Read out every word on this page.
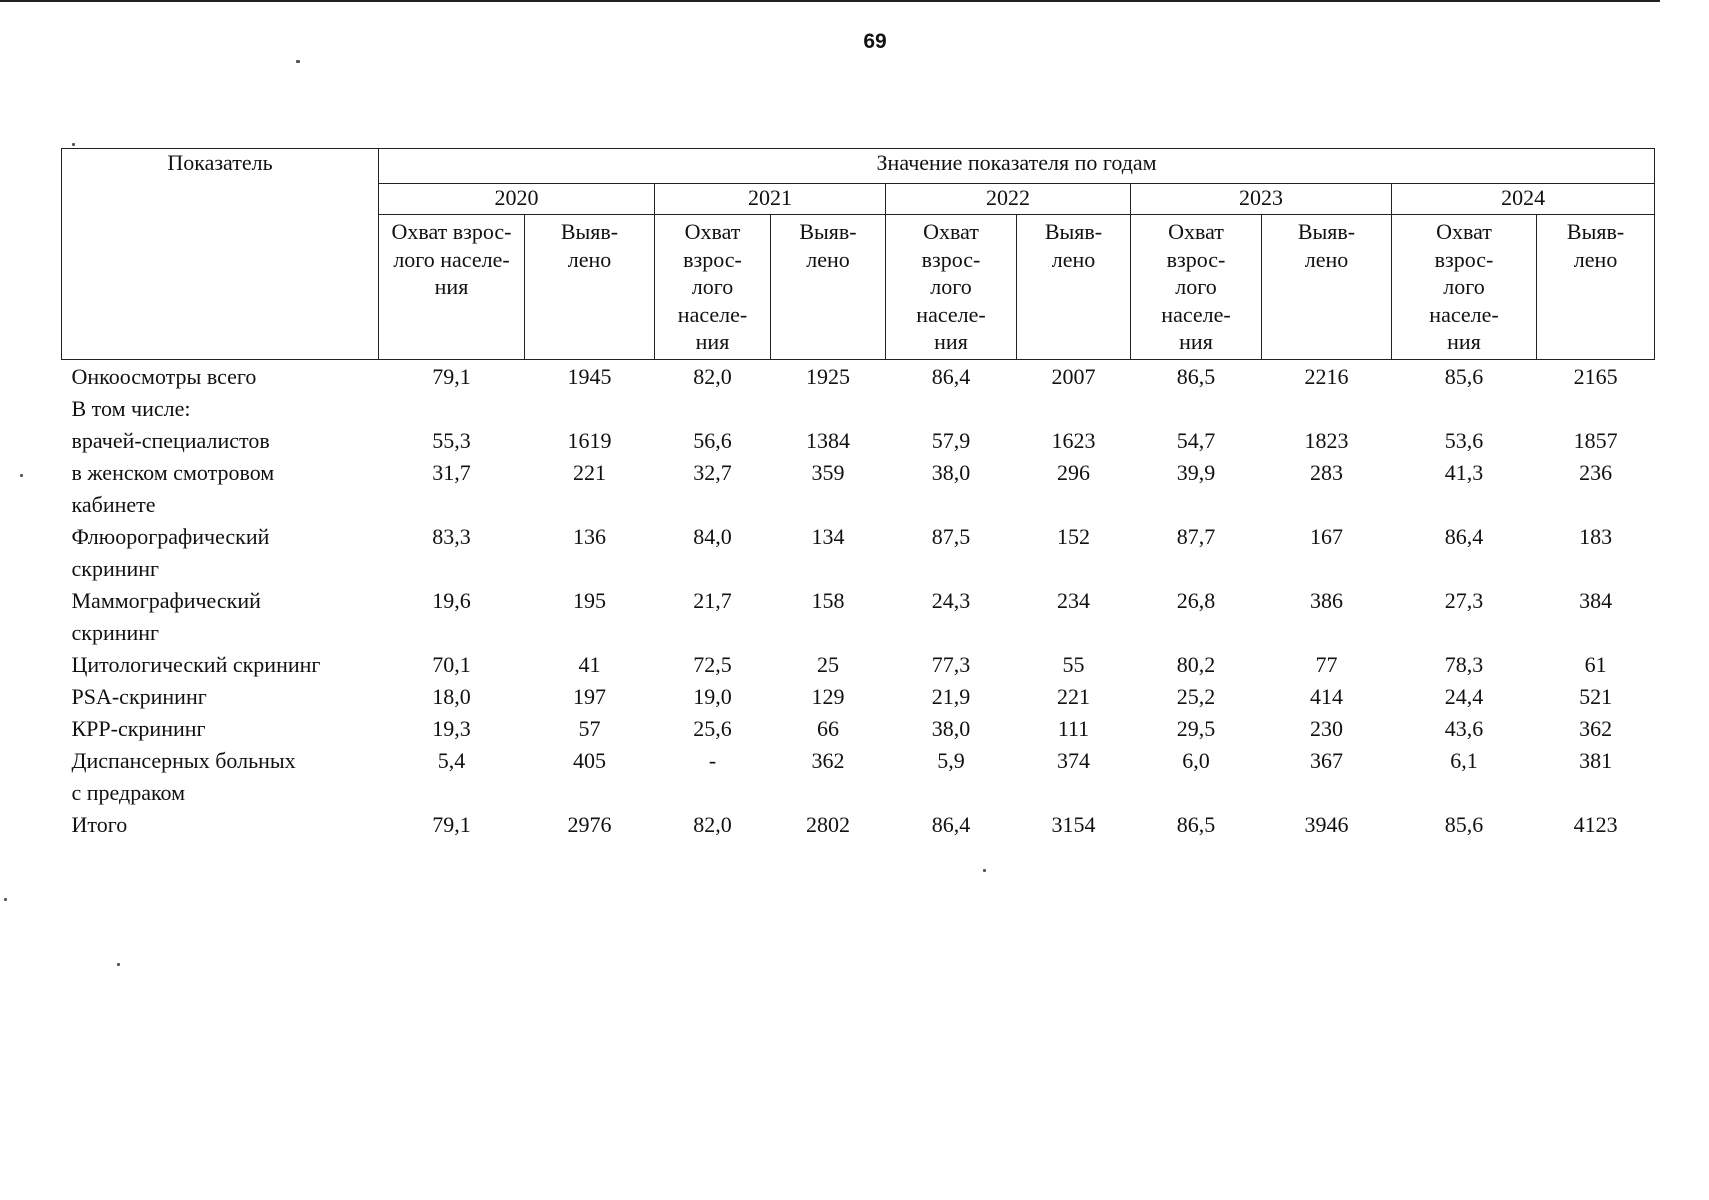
69
Показатель	Значение показателя по годам									
	2020		2021		2022		2023		2024	
	Охват взрос-
лого населе-
ния	Выяв-
лено	Охват
взрос-
лого
населе-
ния	Выяв-
лено	Охват
взрос-
лого
населе-
ния	Выяв-
лено	Охват
взрос-
лого
населе-
ния	Выяв-
лено	Охват
взрос-
лого
населе-
ния	Выяв-
лено
Онкоосмотры всего	79,1	1945	82,0	1925	86,4	2007	86,5	2216	85,6	2165
В том числе:										
врачей-специалистов	55,3	1619	56,6	1384	57,9	1623	54,7	1823	53,6	1857
в женском смотровом
кабинете	31,7	221	32,7	359	38,0	296	39,9	283	41,3	236
Флюорографический
скрининг	83,3	136	84,0	134	87,5	152	87,7	167	86,4	183
Маммографический
скрининг	19,6	195	21,7	158	24,3	234	26,8	386	27,3	384
Цитологический скрининг	70,1	41	72,5	25	77,3	55	80,2	77	78,3	61
PSA-скрининг	18,0	197	19,0	129	21,9	221	25,2	414	24,4	521
КРР-скрининг	19,3	57	25,6	66	38,0	111	29,5	230	43,6	362
Диспансерных больных
с предраком	5,4	405	-	362	5,9	374	6,0	367	6,1	381
Итого	79,1	2976	82,0	2802	86,4	3154	86,5	3946	85,6	4123
